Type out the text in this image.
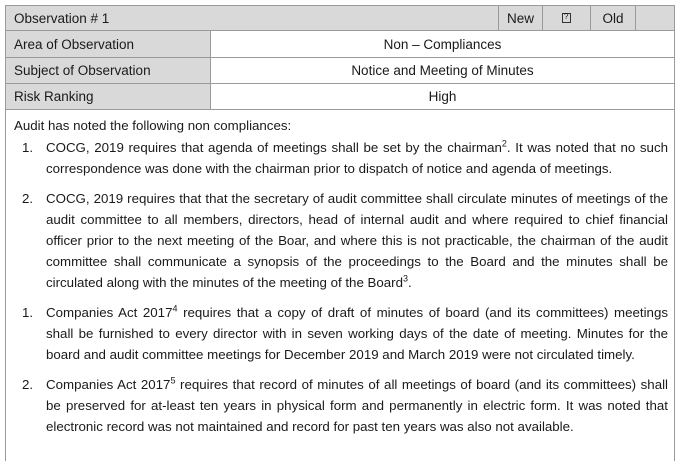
Observation # 1	New
?	Old
Area of Observation	Non – Compliances
Subject of Observation	Notice and Meeting of Minutes
Risk Ranking	High

Audit has noted the following non compliances:

1. COCG, 2019 requires that agenda of meetings shall be set by the chairman$^2$. It was noted that no such correspondence was done with the chairman prior to dispatch of notice and agenda of meetings.
2. COCG, 2019 requires that that the secretary of audit committee shall circulate minutes of meetings of the audit committee to all members, directors, head of internal audit and where required to chief financial officer prior to the next meeting of the Boar, and where this is not practicable, the chairman of the audit committee shall communicate a synopsis of the proceedings to the Board and the minutes shall be circulated along with the minutes of the meeting of the Board$^3$.
1. Companies Act 2017$^4$ requires that a copy of draft of minutes of board (and its committees) meetings shall be furnished to every director with in seven working days of the date of meeting. Minutes for the board and audit committee meetings for December 2019 and March 2019 were not circulated timely.
2. Companies Act 2017$^5$ requires that record of minutes of all meetings of board (and its committees) shall be preserved for at-least ten years in physical form and permanently in electric form. It was noted that electronic record was not maintained and record for past ten years was also not available.
